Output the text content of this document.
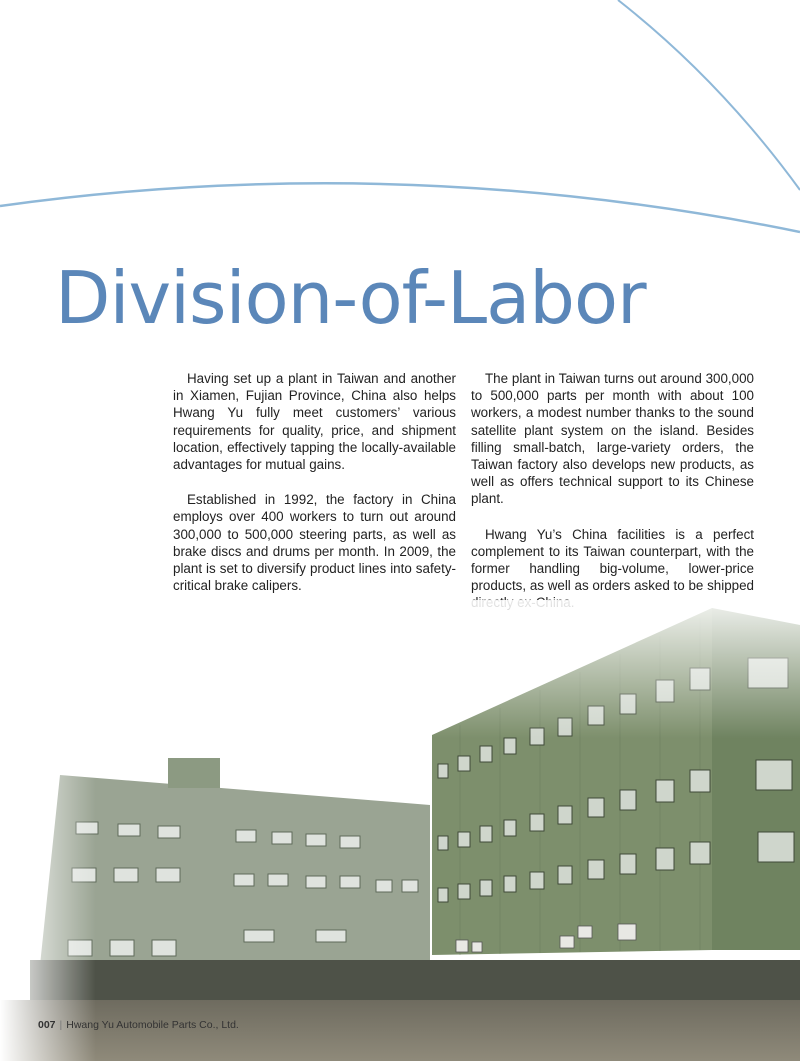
Division-of-Labor

Having set up a plant in Taiwan and another in Xiamen, Fujian Province, China also helps Hwang Yu fully meet customers’ various requirements for quality, price, and shipment location, effectively tapping the locally-available advantages for mutual gains.

Established in 1992, the factory in China employs over 400 workers to turn out around 300,000 to 500,000 steering parts, as well as brake discs and drums per month. In 2009, the plant is set to diversify product lines into safety-critical brake calipers.

The plant in Taiwan turns out around 300,000 to 500,000 parts per month with about 100 workers, a modest number thanks to the sound satellite plant system on the island. Besides filling small-batch, large-variety orders, the Taiwan factory also develops new products, as well as offers technical support to its Chinese plant.

Hwang Yu’s China facilities is a perfect complement to its Taiwan counterpart, with the former handling big-volume, lower-price products, as well as orders asked to be shipped

007 | Hwang Yu Automobile Parts Co., Ltd.
